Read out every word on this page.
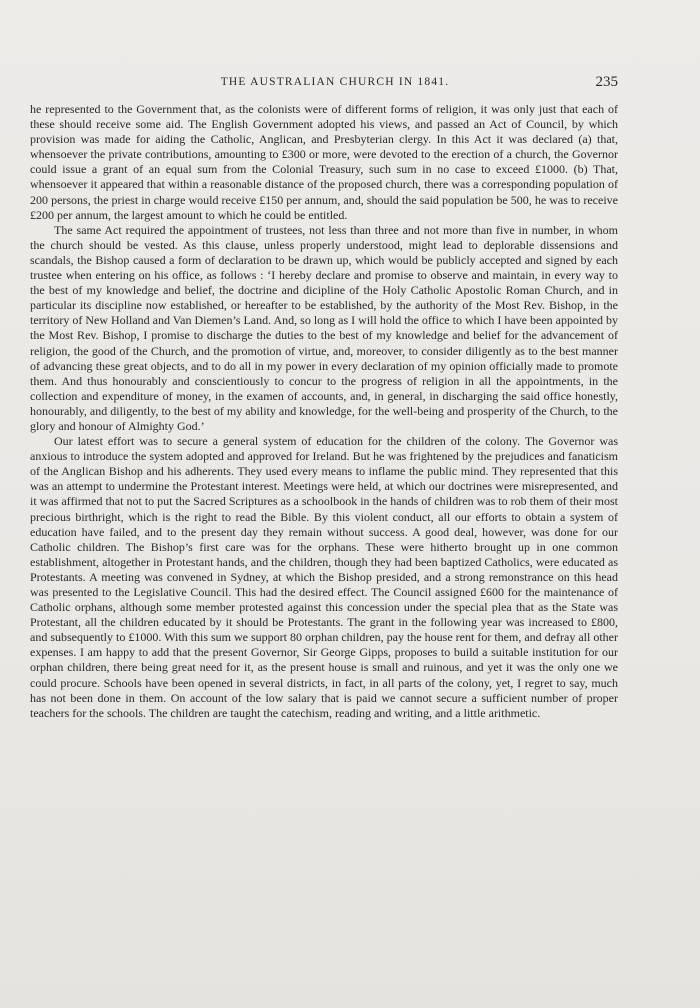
THE AUSTRALIAN CHURCH IN 1841.	235

he represented to the Government that, as the colonists were of different forms of religion, it was only just that each of these should receive some aid. The English Government adopted his views, and passed an Act of Council, by which provision was made for aiding the Catholic, Anglican, and Presbyterian clergy. In this Act it was declared (a) that, whensoever the private contributions, amounting to £300 or more, were devoted to the erection of a church, the Governor could issue a grant of an equal sum from the Colonial Treasury, such sum in no case to exceed £1000. (b) That, whensoever it appeared that within a reasonable distance of the proposed church, there was a corresponding population of 200 persons, the priest in charge would receive £150 per annum, and, should the said population be 500, he was to receive £200 per annum, the largest amount to which he could be entitled.

The same Act required the appointment of trustees, not less than three and not more than five in number, in whom the church should be vested. As this clause, unless properly understood, might lead to deplorable dissensions and scandals, the Bishop caused a form of declaration to be drawn up, which would be publicly accepted and signed by each trustee when entering on his office, as follows : ‘I hereby declare and promise to observe and maintain, in every way to the best of my knowledge and belief, the doctrine and dicipline of the Holy Catholic Apostolic Roman Church, and in particular its discipline now established, or hereafter to be established, by the authority of the Most Rev. Bishop, in the territory of New Holland and Van Diemen’s Land. And, so long as I will hold the office to which I have been appointed by the Most Rev. Bishop, I promise to discharge the duties to the best of my knowledge and belief for the advancement of religion, the good of the Church, and the promotion of virtue, and, moreover, to consider diligently as to the best manner of advancing these great objects, and to do all in my power in every declaration of my opinion officially made to promote them. And thus honourably and conscientiously to concur to the progress of religion in all the appointments, in the collection and expenditure of money, in the examen of accounts, and, in general, in discharging the said office honestly, honourably, and diligently, to the best of my ability and knowledge, for the well-being and prosperity of the Church, to the glory and honour of Almighty God.’

Our latest effort was to secure a general system of education for the children of the colony. The Governor was anxious to introduce the system adopted and approved for Ireland. But he was frightened by the prejudices and fanaticism of the Anglican Bishop and his adherents. They used every means to inflame the public mind. They represented that this was an attempt to undermine the Protestant interest. Meetings were held, at which our doctrines were misrepresented, and it was affirmed that not to put the Sacred Scriptures as a schoolbook in the hands of children was to rob them of their most precious birthright, which is the right to read the Bible. By this violent conduct, all our efforts to obtain a system of education have failed, and to the present day they remain without success. A good deal, however, was done for our Catholic children. The Bishop’s first care was for the orphans. These were hitherto brought up in one common establishment, altogether in Protestant hands, and the children, though they had been baptized Catholics, were educated as Protestants. A meeting was convened in Sydney, at which the Bishop presided, and a strong remonstrance on this head was presented to the Legislative Council. This had the desired effect. The Council assigned £600 for the maintenance of Catholic orphans, although some member protested against this concession under the special plea that as the State was Protestant, all the children educated by it should be Protestants. The grant in the following year was increased to £800, and subsequently to £1000. With this sum we support 80 orphan children, pay the house rent for them, and defray all other expenses. I am happy to add that the present Governor, Sir George Gipps, proposes to build a suitable institution for our orphan children, there being great need for it, as the present house is small and ruinous, and yet it was the only one we could procure. Schools have been opened in several districts, in fact, in all parts of the colony, yet, I regret to say, much has not been done in them. On account of the low salary that is paid we cannot secure a sufficient number of proper teachers for the schools. The children are taught the catechism, reading and writing, and a little arithmetic.
